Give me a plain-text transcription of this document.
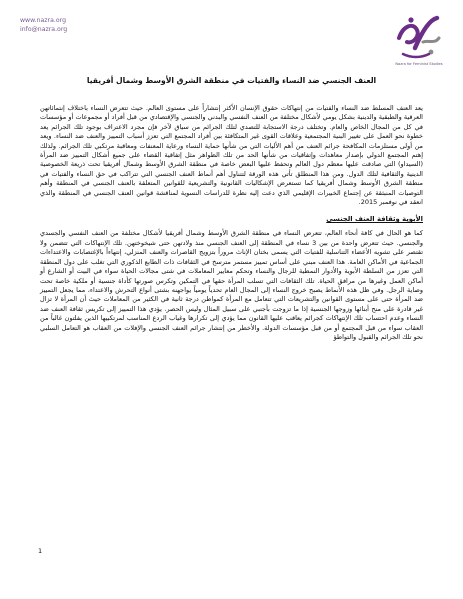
www.nazra.org
info@nazra.org
Nazra for Feminist Studies
العنف الجنسي ضد النساء والفتيات في منطقة الشرق الأوسط وشمال أفريقيا

يعد العنف المسلط ضد النساء والفتيات من إنتهاكات حقوق الإنسان الأكثر إنتشاراً على مستوى العالم. حيث تتعرض النساء باختلاف إنتمائاتهن العرقية والطبقية والدينية بشكل يومي لأشكال مختلفة من العنف النفسي والبدني والجنسي والإقتصادي من قبل أفراد أو مجموعات أو مؤسسات في كل من المجال الخاص والعام. وتختلف درجة الاستجابة للتصدي لتلك الجرائم من سياق لآخر فإن مجرد الاعتراف بوجود تلك الجرائم يعد خطوة نحو العمل على تغيير البنية المجتمعية وعلاقات القوى غير المتكافئة بين أفراد المجتمع التي تعزز أسباب التمييز والعنف ضد النساء. ويعد من أولى مستلزمات المكافحة جرائم العنف من أهم الأليات التي من شأنها حماية النساء ورعاية المعنفات ومعاقبة مرتكبي تلك الجرائم. ولذلك إهتم المجتمع الدولي بإصدار معاهدات وإتفاقيات من شأنها الحد من تلك الظواهر مثل إتفاقية القضاء على جميع أشكال التمييز ضد المرأة (السيداو) التي صادقت عليها معظم دول العالم وتحفظ عليها البعض خاصة في منطقة الشرق الأوسط وشمال أفريقيا تحت ذريعة الخصوصية الدينية والثقافية لتلك الدول. ومن هذا المنطلق تأتي هذه الورقة لتتناول أهم أنماط العنف الجنسي التي تتراكب في حق النساء والفتيات في منطقة الشرق الأوسط وشمال أفريقيا كما تستعرض الإشكاليات القانونية والتشريعية للقوانين المتعلقة بالعنف الجنسي في المنطقة وأهم التوصيات المنبثقة عن إجتماع الخبيرات الإقليمي الذي دعت إليه نظرة للدراسات النسوية لمناقشة قوانين العنف الجنسي في المنطقة والذي انعقد في نوفمبر 2015.

الأبوية وثقافة العنف الجنسي

كما هو الحال في كافة أنحاء العالم، تتعرض النساء في منطقة الشرق الأوسط وشمال أفريقيا لأشكال مختلفة من العنف النفسي والجسدي والجنسي. حيث تتعرض واحدة من بين 3 نساء في المنطقة إلى العنف الجنسي منذ ولادتهن حتى شيخوختهن. تلك الإنتهاكات التي تتضمن ولا تقتصر على تشويه الأعضاء التناسلية للفتيات التي يسمى بختان الإناث مروراً بتزويج القاصرات والعنف المنزلي، إنتهاءاً بالإغتصابات والاعتداءات الجماعية في الأماكن العامة. هذا العنف مبني على أساس تمييز مستمر مترسخ في الثقافات ذات الطابع الذكوري التي تغلب على دول المنطقة التي تعزز من السلطة الأبوية والأدوار النمطية للرجال والنساء وتحكم معايير المعاملات في شتى مجالات الحياة سواء في البيت أو الشارع أو أماكن العمل وغيرها من مرافق الحياة. تلك الثقافات التي تسلب المرأة حقها في التمكين وتكرس صورتها كأداة جنسية أو ملكية خاصة تحت وصاية الرجل. وفي ظل هذه الأنماط يصبح خروج النساء إلى المجال العام تحدياً يومياً يواجهنه بشتى أنواع التحرش والاعتداء، مما يجعل التمييز ضد المرأة حتى على مستوى القوانين والتشريعات التي تتعامل مع المرأة كمواطن درجة ثانية في الكثير من المعاملات حيث أن المرأة لا تزال غير قادرة على منح أبنائها وزوجها الجنسية إذا ما تزوجت بأجنبي على سبيل المثال وليس الحصر. يؤدي هذا التمييز إلى تكريس ثقافة العنف ضد النساء وعدم احتساب تلك الإنتهاكات كجرائم يعاقب عليها القانون مما يؤدي إلى تكرارها وغياب الردع المناسب لمرتكبيها الذين يفلتون غالباً من العقاب سواء من قبل المجتمع أو من قبل مؤسسات الدولة. والأخطر من إنتشار جرائم العنف الجنسي والإفلات من العقاب هو التعامل السلبي نحو تلك الجرائم والقبول والتواطؤ

1
